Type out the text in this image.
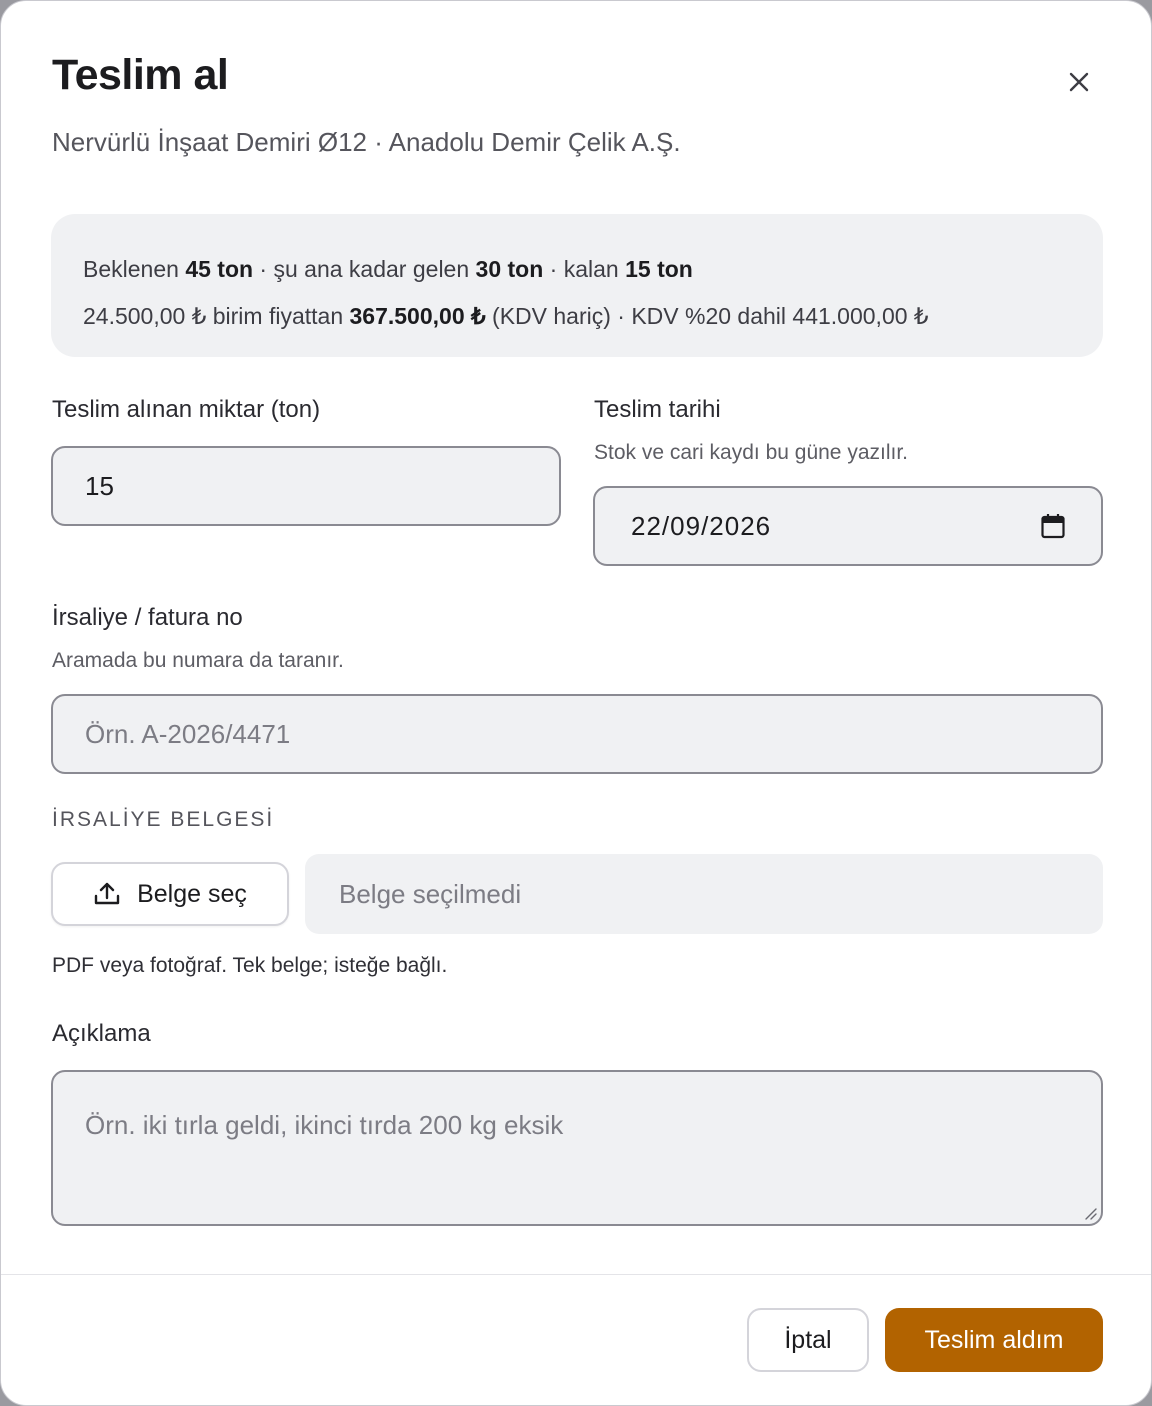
Teslim al
Nervürlü İnşaat Demiri Ø12 · Anadolu Demir Çelik A.Ş.
Beklenen 45 ton · şu ana kadar gelen 30 ton · kalan 15 ton
24.500,00 ₺ birim fiyattan 367.500,00 ₺ (KDV hariç) · KDV %20 dahil 441.000,00 ₺
Teslim alınan miktar (ton)
15
Teslim tarihi
Stok ve cari kaydı bu güne yazılır.
22/09/2026
İrsaliye / fatura no
Aramada bu numara da taranır.
Örn. A-2026/4471
İRSALİYE BELGESİ
Belge seç	Belge seçilmedi
PDF veya fotoğraf. Tek belge; isteğe bağlı.
Açıklama
Örn. iki tırla geldi, ikinci tırda 200 kg eksik
İptal	Teslim aldım
